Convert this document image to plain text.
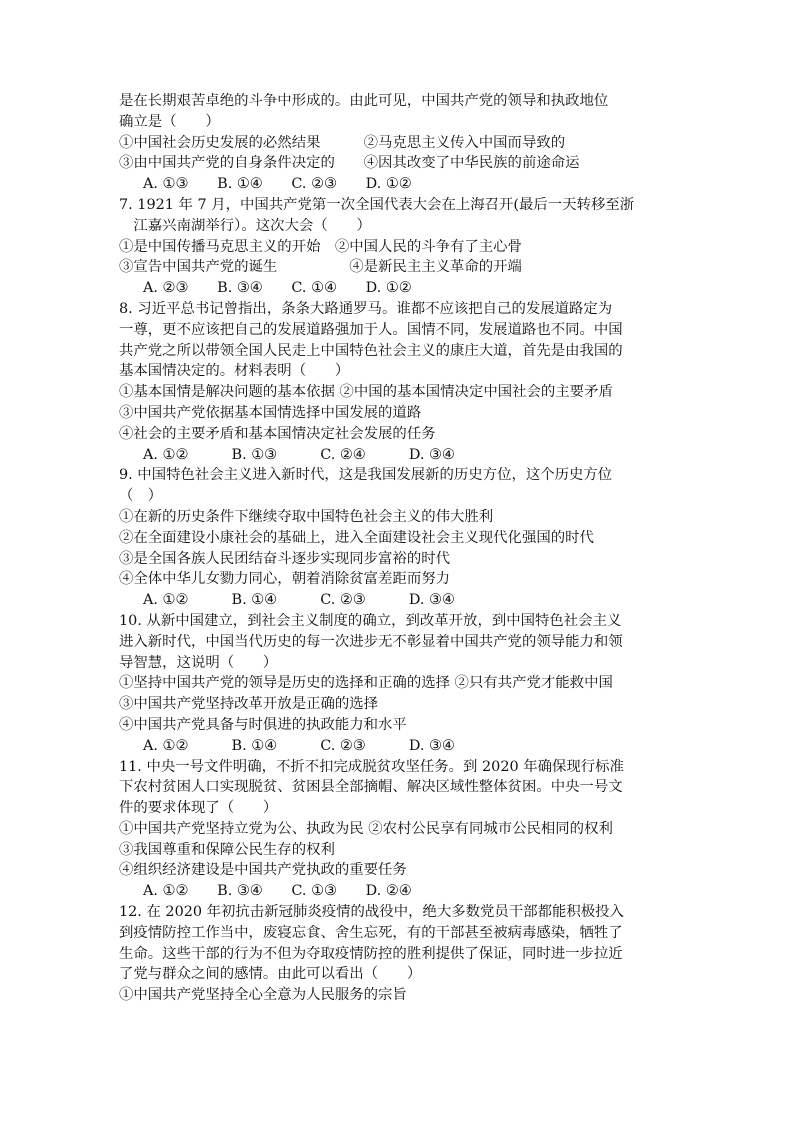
是在长期艰苦卓绝的斗争中形成的。由此可见，中国共产党的领导和执政地位
确立是（　　）
①中国社会历史发展的必然结果　　　②马克思主义传入中国而导致的
③由中国共产党的自身条件决定的　　④因其改变了中华民族的前途命运
A. ①③　　B. ①④　　C. ②③　　D. ①②
7. 1921 年 7 月，中国共产党第一次全国代表大会在上海召开(最后一天转移至浙
　江嘉兴南湖举行）。这次大会（　　）
①是中国传播马克思主义的开始　②中国人民的斗争有了主心骨
③宣告中国共产党的诞生　　　　　④是新民主主义革命的开端
A. ②③　　B. ③④　　C. ①④　　D. ①②
8. 习近平总书记曾指出，条条大路通罗马。谁都不应该把自己的发展道路定为
一尊，更不应该把自己的发展道路强加于人。国情不同，发展道路也不同。中国
共产党之所以带领全国人民走上中国特色社会主义的康庄大道，首先是由我国的
基本国情决定的。材料表明（　　）
①基本国情是解决问题的基本依据 ②中国的基本国情决定中国社会的主要矛盾
③中国共产党依据基本国情选择中国发展的道路
④社会的主要矛盾和基本国情决定社会发展的任务
A. ①②　　　B. ①③　　　C. ②④　　　D. ③④
9. 中国特色社会主义进入新时代，这是我国发展新的历史方位，这个历史方位
（　）
①在新的历史条件下继续夺取中国特色社会主义的伟大胜利
②在全面建设小康社会的基础上，进入全面建设社会主义现代化强国的时代
③是全国各族人民团结奋斗逐步实现同步富裕的时代
④全体中华儿女勠力同心，朝着消除贫富差距而努力
A. ①②　　　B. ①④　　　C. ②③　　　D. ③④
10. 从新中国建立，到社会主义制度的确立，到改革开放，到中国特色社会主义
进入新时代，中国当代历史的每一次进步无不彰显着中国共产党的领导能力和领
导智慧，这说明（　　）
①坚持中国共产党的领导是历史的选择和正确的选择 ②只有共产党才能救中国
③中国共产党坚持改革开放是正确的选择
④中国共产党具备与时俱进的执政能力和水平
A. ①②　　　B. ①④　　　C. ②③　　　D. ③④
11. 中央一号文件明确，不折不扣完成脱贫攻坚任务。到 2020 年确保现行标准
下农村贫困人口实现脱贫、贫困县全部摘帽、解决区域性整体贫困。中央一号文
件的要求体现了（　　）
①中国共产党坚持立党为公、执政为民 ②农村公民享有同城市公民相同的权利
③我国尊重和保障公民生存的权利
④组织经济建设是中国共产党执政的重要任务
A. ①②　　B. ③④　　C. ①③　　D. ②④
12. 在 2020 年初抗击新冠肺炎疫情的战役中，绝大多数党员干部都能积极投入
到疫情防控工作当中，废寝忘食、舍生忘死，有的干部甚至被病毒感染，牺牲了
生命。这些干部的行为不但为夺取疫情防控的胜利提供了保证，同时进一步拉近
了党与群众之间的感情。由此可以看出（　　）
①中国共产党坚持全心全意为人民服务的宗旨
